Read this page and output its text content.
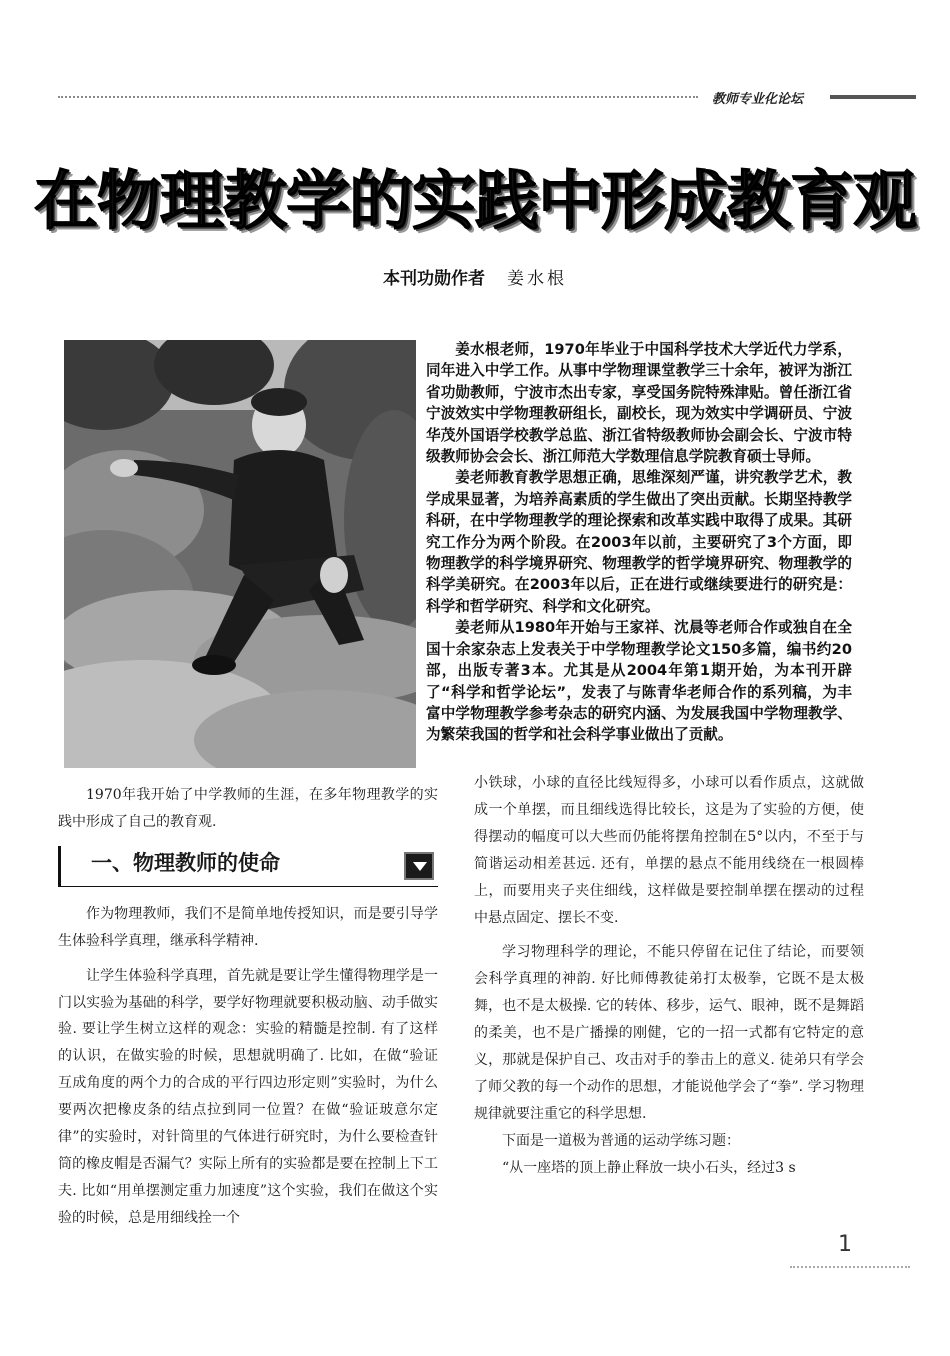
教师专业化论坛
在物理教学的实践中形成教育观
本刊功勋作者 姜水根

姜水根老师，1970年毕业于中国科学技术大学近代力学系，同年进入中学工作。从事中学物理课堂教学三十余年，被评为浙江省功勋教师，宁波市杰出专家，享受国务院特殊津贴。曾任浙江省宁波效实中学物理教研组长，副校长，现为效实中学调研员、宁波华茂外国语学校教学总监、浙江省特级教师协会副会长、宁波市特级教师协会会长、浙江师范大学数理信息学院教育硕士导师。

姜老师教育教学思想正确，思维深刻严谨，讲究教学艺术，教学成果显著，为培养高素质的学生做出了突出贡献。长期坚持教学科研，在中学物理教学的理论探索和改革实践中取得了成果。其研究工作分为两个阶段。在2003年以前，主要研究了3个方面，即物理教学的科学境界研究、物理教学的哲学境界研究、物理教学的科学美研究。在2003年以后，正在进行或继续要进行的研究是：科学和哲学研究、科学和文化研究。

姜老师从1980年开始与王家祥、沈晨等老师合作或独自在全国十余家杂志上发表关于中学物理教学论文150多篇，编书约20部，出版专著3本。尤其是从2004年第1期开始，为本刊开辟了“科学和哲学论坛”，发表了与陈青华老师合作的系列稿，为丰富中学物理教学参考杂志的研究内涵、为发展我国中学物理教学、为繁荣我国的哲学和社会科学事业做出了贡献。

1970年我开始了中学教师的生涯，在多年物理教学的实践中形成了自己的教育观.

一、物理教师的使命

作为物理教师，我们不是简单地传授知识，而是要引导学生体验科学真理，继承科学精神.

让学生体验科学真理，首先就是要让学生懂得物理学是一门以实验为基础的科学，要学好物理就要积极动脑、动手做实验. 要让学生树立这样的观念：实验的精髓是控制. 有了这样的认识，在做实验的时候，思想就明确了. 比如，在做“验证互成角度的两个力的合成的平行四边形定则”实验时，为什么要两次把橡皮条的结点拉到同一位置？在做“验证玻意尔定律”的实验时，对针筒里的气体进行研究时，为什么要检查针筒的橡皮帽是否漏气？实际上所有的实验都是要在控制上下工夫. 比如“用单摆测定重力加速度”这个实验，我们在做这个实验的时候，总是用细线拴一个

小铁球，小球的直径比线短得多，小球可以看作质点，这就做成一个单摆，而且细线选得比较长，这是为了实验的方便，使得摆动的幅度可以大些而仍能将摆角控制在5°以内，不至于与简谐运动相差甚远. 还有，单摆的悬点不能用线绕在一根圆棒上，而要用夹子夹住细线，这样做是要控制单摆在摆动的过程中悬点固定、摆长不变.

学习物理科学的理论，不能只停留在记住了结论，而要领会科学真理的神韵. 好比师傅教徒弟打太极拳，它既不是太极舞，也不是太极操. 它的转体、移步，运气、眼神，既不是舞蹈的柔美，也不是广播操的刚健，它的一招一式都有它特定的意义，那就是保护自己、攻击对手的拳击上的意义. 徒弟只有学会了师父教的每一个动作的思想，才能说他学会了“拳”. 学习物理规律就要注重它的科学思想.

下面是一道极为普通的运动学练习题：

“从一座塔的顶上静止释放一块小石头，经过3 s

1
